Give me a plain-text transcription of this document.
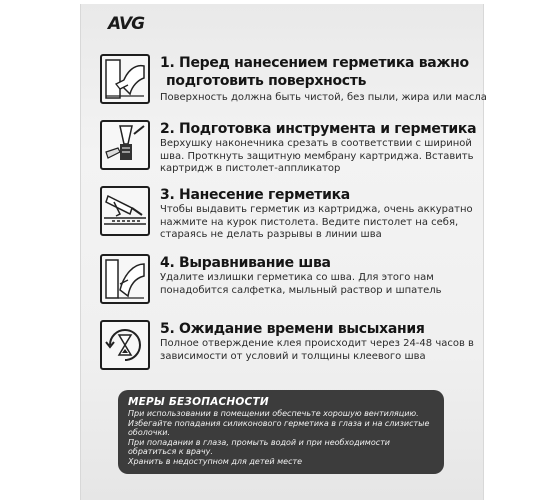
AVG
1. Перед нанесением герметика важно
подготовить поверхность
Поверхность должна быть чистой, без пыли, жира или масла
2. Подготовка инструмента и герметика
Верхушку наконечника срезать в соответствии с шириной шва. Проткнуть защитную мембрану картриджа. Вставить картридж в пистолет-аппликатор
3. Нанесение герметика
Чтобы выдавить герметик из картриджа, очень аккуратно нажмите на курок пистолета. Ведите пистолет на себя, стараясь не делать разрывы в линии шва
4. Выравнивание шва
Удалите излишки герметика со шва. Для этого нам понадобится салфетка, мыльный раствор и шпатель
5. Ожидание времени высыхания
Полное отверждение клея происходит через 24-48 часов в зависимости от условий и толщины клеевого шва
МЕРЫ БЕЗОПАСНОСТИ
При использовании в помещении обеспечьте хорошую вентиляцию.
Избегайте попадания силиконового герметика в глаза и на слизистые
оболочки.
При попадании в глаза, промыть водой и при необходимости
обратиться к врачу.
Хранить в недоступном для детей месте
